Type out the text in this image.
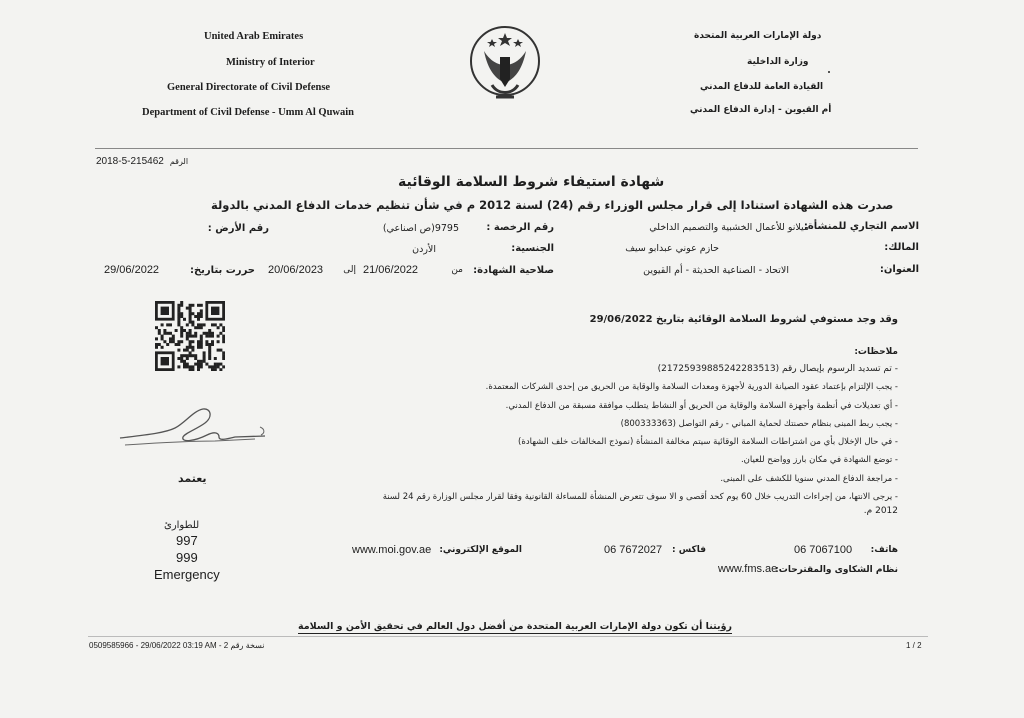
United Arab Emirates
Ministry of Interior
General Directorate of Civil Defense
Department of Civil Defense - Umm Al Quwain
دولة الإمارات العربية المتحدة
وزارة الداخلية
القيادة العامة للدفاع المدني
أم القيوين - إدارة الدفاع المدني
2018-5-215462 الرقم
شهادة استيفاء شروط السلامة الوقائية
صدرت هذه الشهادة استنادا إلى قرار مجلس الوزراء رقم (24) لسنة 2012 م في شأن تنظيم خدمات الدفاع المدني بالدولة
الاسم التجاري للمنشأة:
ميلانو للأعمال الخشبية والتصميم الداخلي
رقم الرخصة :
9795(ص اصناعي)
رقم الأرض :
المالك:
حازم عوني عبدابو سيف
الجنسية:
الأردن
العنوان:
الاتحاد - الصناعية الحديثة - أم القيوين
صلاحية الشهادة:
من
21/06/2022
إلى
20/06/2023
حررت بتاريخ:
29/06/2022
وقد وجد مستوفي لشروط السلامة الوقائية بتاريخ 29/06/2022
ملاحظات:
- تم تسديد الرسوم بإيصال رقم (2172593988524228351​3)
- يجب الإلتزام بإعتماد عقود الصيانة الدورية لأجهزة ومعدات السلامة والوقاية من الحريق من إحدى الشركات المعتمدة.
- أي تعديلات في أنظمة وأجهزة السلامة والوقاية من الحريق أو النشاط يتطلب موافقة مسبقة من الدفاع المدني.
- يجب ربط المبنى بنظام حصنتك لحماية المباني - رقم التواصل (800333363)
- في حال الإخلال بأي من اشتراطات السلامة الوقائية سيتم مخالفة المنشأة (نموذج المخالفات خلف الشهادة)
- توضع الشهادة في مكان بارز وواضح للعيان.
- مراجعة الدفاع المدني سنويا للكشف على المبنى.
- يرجى الانتها، من إجراءات التدريب خلال 60 يوم كحد أقصى و الا سوف تتعرض المنشأة للمساءلة القانونية وفقا لقرار مجلس الوزارة رقم 24 لسنة
2012 م.
يعتمد
للطوارئ
997
999
Emergency
هاتف:
06 7067100
فاكس :
06 7672027
الموقع الإلكتروني:
www.moi.gov.ae
نظام الشكاوى والمقترحات:
www.fms.ae
رؤيتنا أن تكون دولة الإمارات العربية المتحدة من أفضل دول العالم في تحقيق الأمن و السلامة
0509585966 - 29/06/2022 03:19 AM - 2 نسخة رقم	1 / 2
